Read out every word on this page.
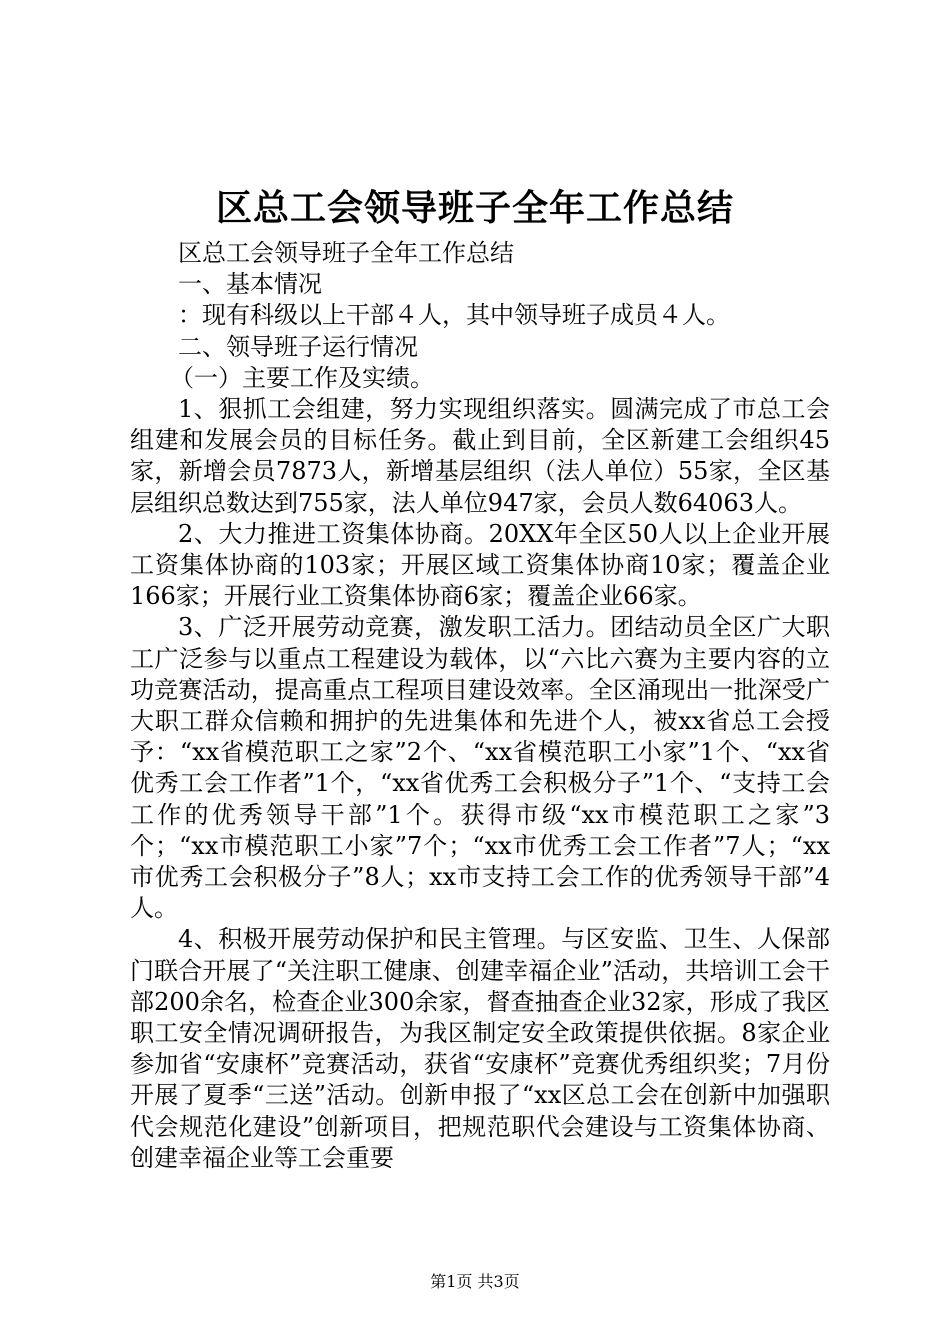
区总工会领导班子全年工作总结

区总工会领导班子全年工作总结

一、基本情况

：现有科级以上干部４人，其中领导班子成员４人。

二、领导班子运行情况

（一）主要工作及实绩。

1、狠抓工会组建，努力实现组织落实。圆满完成了市总工会组建和发展会员的目标任务。截止到目前，全区新建工会组织45家，新增会员7873人，新增基层组织（法人单位）55家，全区基层组织总数达到755家，法人单位947家，会员人数64063人。

2、大力推进工资集体协商。20XX年全区50人以上企业开展工资集体协商的103家；开展区域工资集体协商10家；覆盖企业166家；开展行业工资集体协商6家；覆盖企业66家。

3、广泛开展劳动竞赛，激发职工活力。团结动员全区广大职工广泛参与以重点工程建设为载体，以“六比六赛为主要内容的立功竞赛活动，提高重点工程项目建设效率。全区涌现出一批深受广大职工群众信赖和拥护的先进集体和先进个人，被xx省总工会授予：“xx省模范职工之家”2个、“xx省模范职工小家”1个、“xx省优秀工会工作者”1个，“xx省优秀工会积极分子”1个、“支持工会工作的优秀领导干部”1个。获得市级“xx市模范职工之家”3个；“xx市模范职工小家”7个；“xx市优秀工会工作者”7人；“xx市优秀工会积极分子”8人；xx市支持工会工作的优秀领导干部”4人。

4、积极开展劳动保护和民主管理。与区安监、卫生、人保部门联合开展了“关注职工健康、创建幸福企业”活动，共培训工会干部200余名，检查企业300余家，督查抽查企业32家，形成了我区职工安全情况调研报告，为我区制定安全政策提供依据。8家企业参加省“安康杯”竞赛活动，获省“安康杯”竞赛优秀组织奖；7月份开展了夏季“三送”活动。创新申报了“xx区总工会在创新中加强职代会规范化建设”创新项目，把规范职代会建设与工资集体协商、创建幸福企业等工会重要

第1页 共3页
